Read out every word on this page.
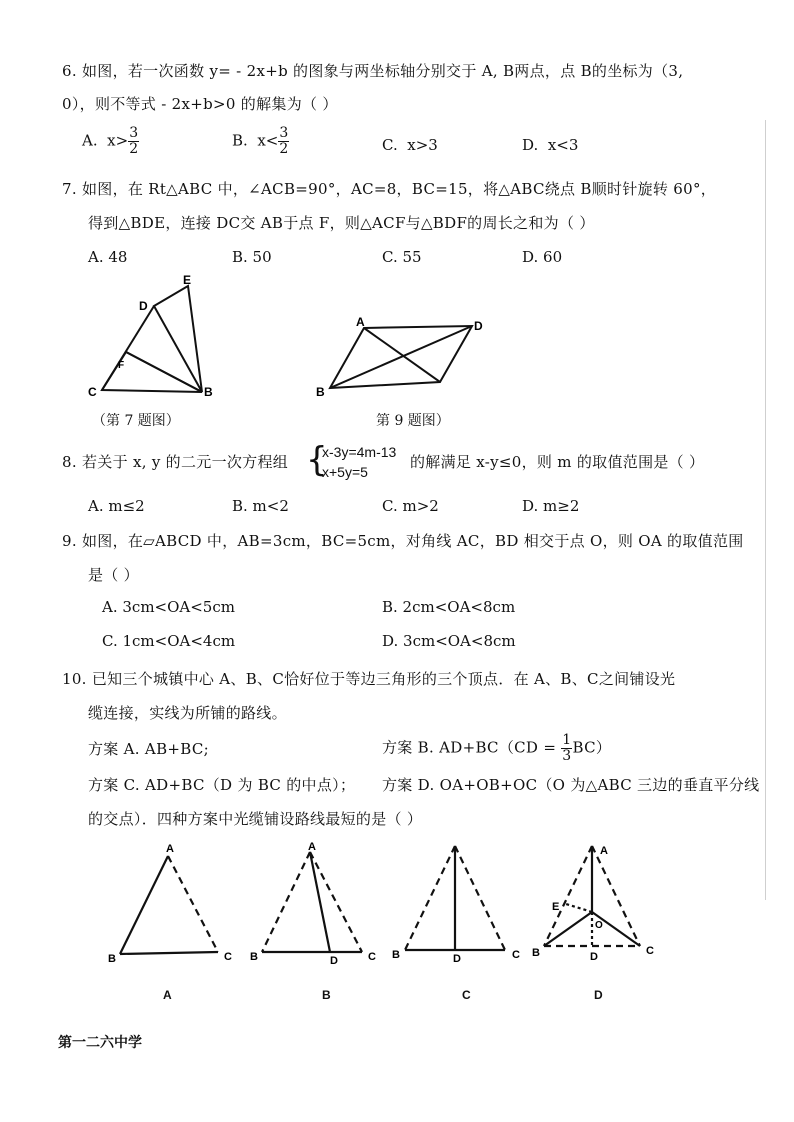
6. 如图，若一次函数 y= - 2x+b 的图象与两坐标轴分别交于 A, B两点，点 B的坐标为（3,
0），则不等式 - 2x+b>0 的解集为（ ）
A. $x> \frac{3}{2}$	B. $x< \frac{3}{2}$	C. x>3	D. x<3
7. 如图，在 Rt△ABC 中，∠ACB=90°，AC=8，BC=15，将△ABC绕点 B顺时针旋转 60°，
得到△BDE，连接 DC交 AB于点 F，则△ACF与△BDF的周长之和为（ ）
A. 48	B. 50	C. 55	D. 60
D
E
F
C	B
（第 7 题图）
A	D
B
第 9 题图）
8. 若关于 x, y 的二元一次方程组 {
x-3y=4m-13
x+5y=5
的解满足 x-y≤0，则 m 的取值范围是（ ）
A. m≤2	B. m<2	C. m>2	D. m≥2
9. 如图，在▱ABCD 中，AB=3cm，BC=5cm，对角线 AC，BD 相交于点 O，则 OA 的取值范围
是（ ）
A. 3cm<OA<5cm	B. 2cm<OA<8cm
C. 1cm<OA<4cm	D. 3cm<OA<8cm
10. 已知三个城镇中心 A、B、C恰好位于等边三角形的三个顶点．在 A、B、C之间铺设光
缆连接，实线为所铺的路线。
方案 A. AB+BC;	方案 B. $AD+BC(CD = \frac{1}{3} BC)$
方案 C. AD+BC（D 为 BC 的中点）； 方案 D. OA+OB+OC（O 为△ABC 三边的垂直平分线
的交点）．四种方案中光缆铺设路线最短的是（ ）
A
B	C
A
B	D	C B	D	C
A
E
O
B	D	C
A	B	C	D
第一二六中学
